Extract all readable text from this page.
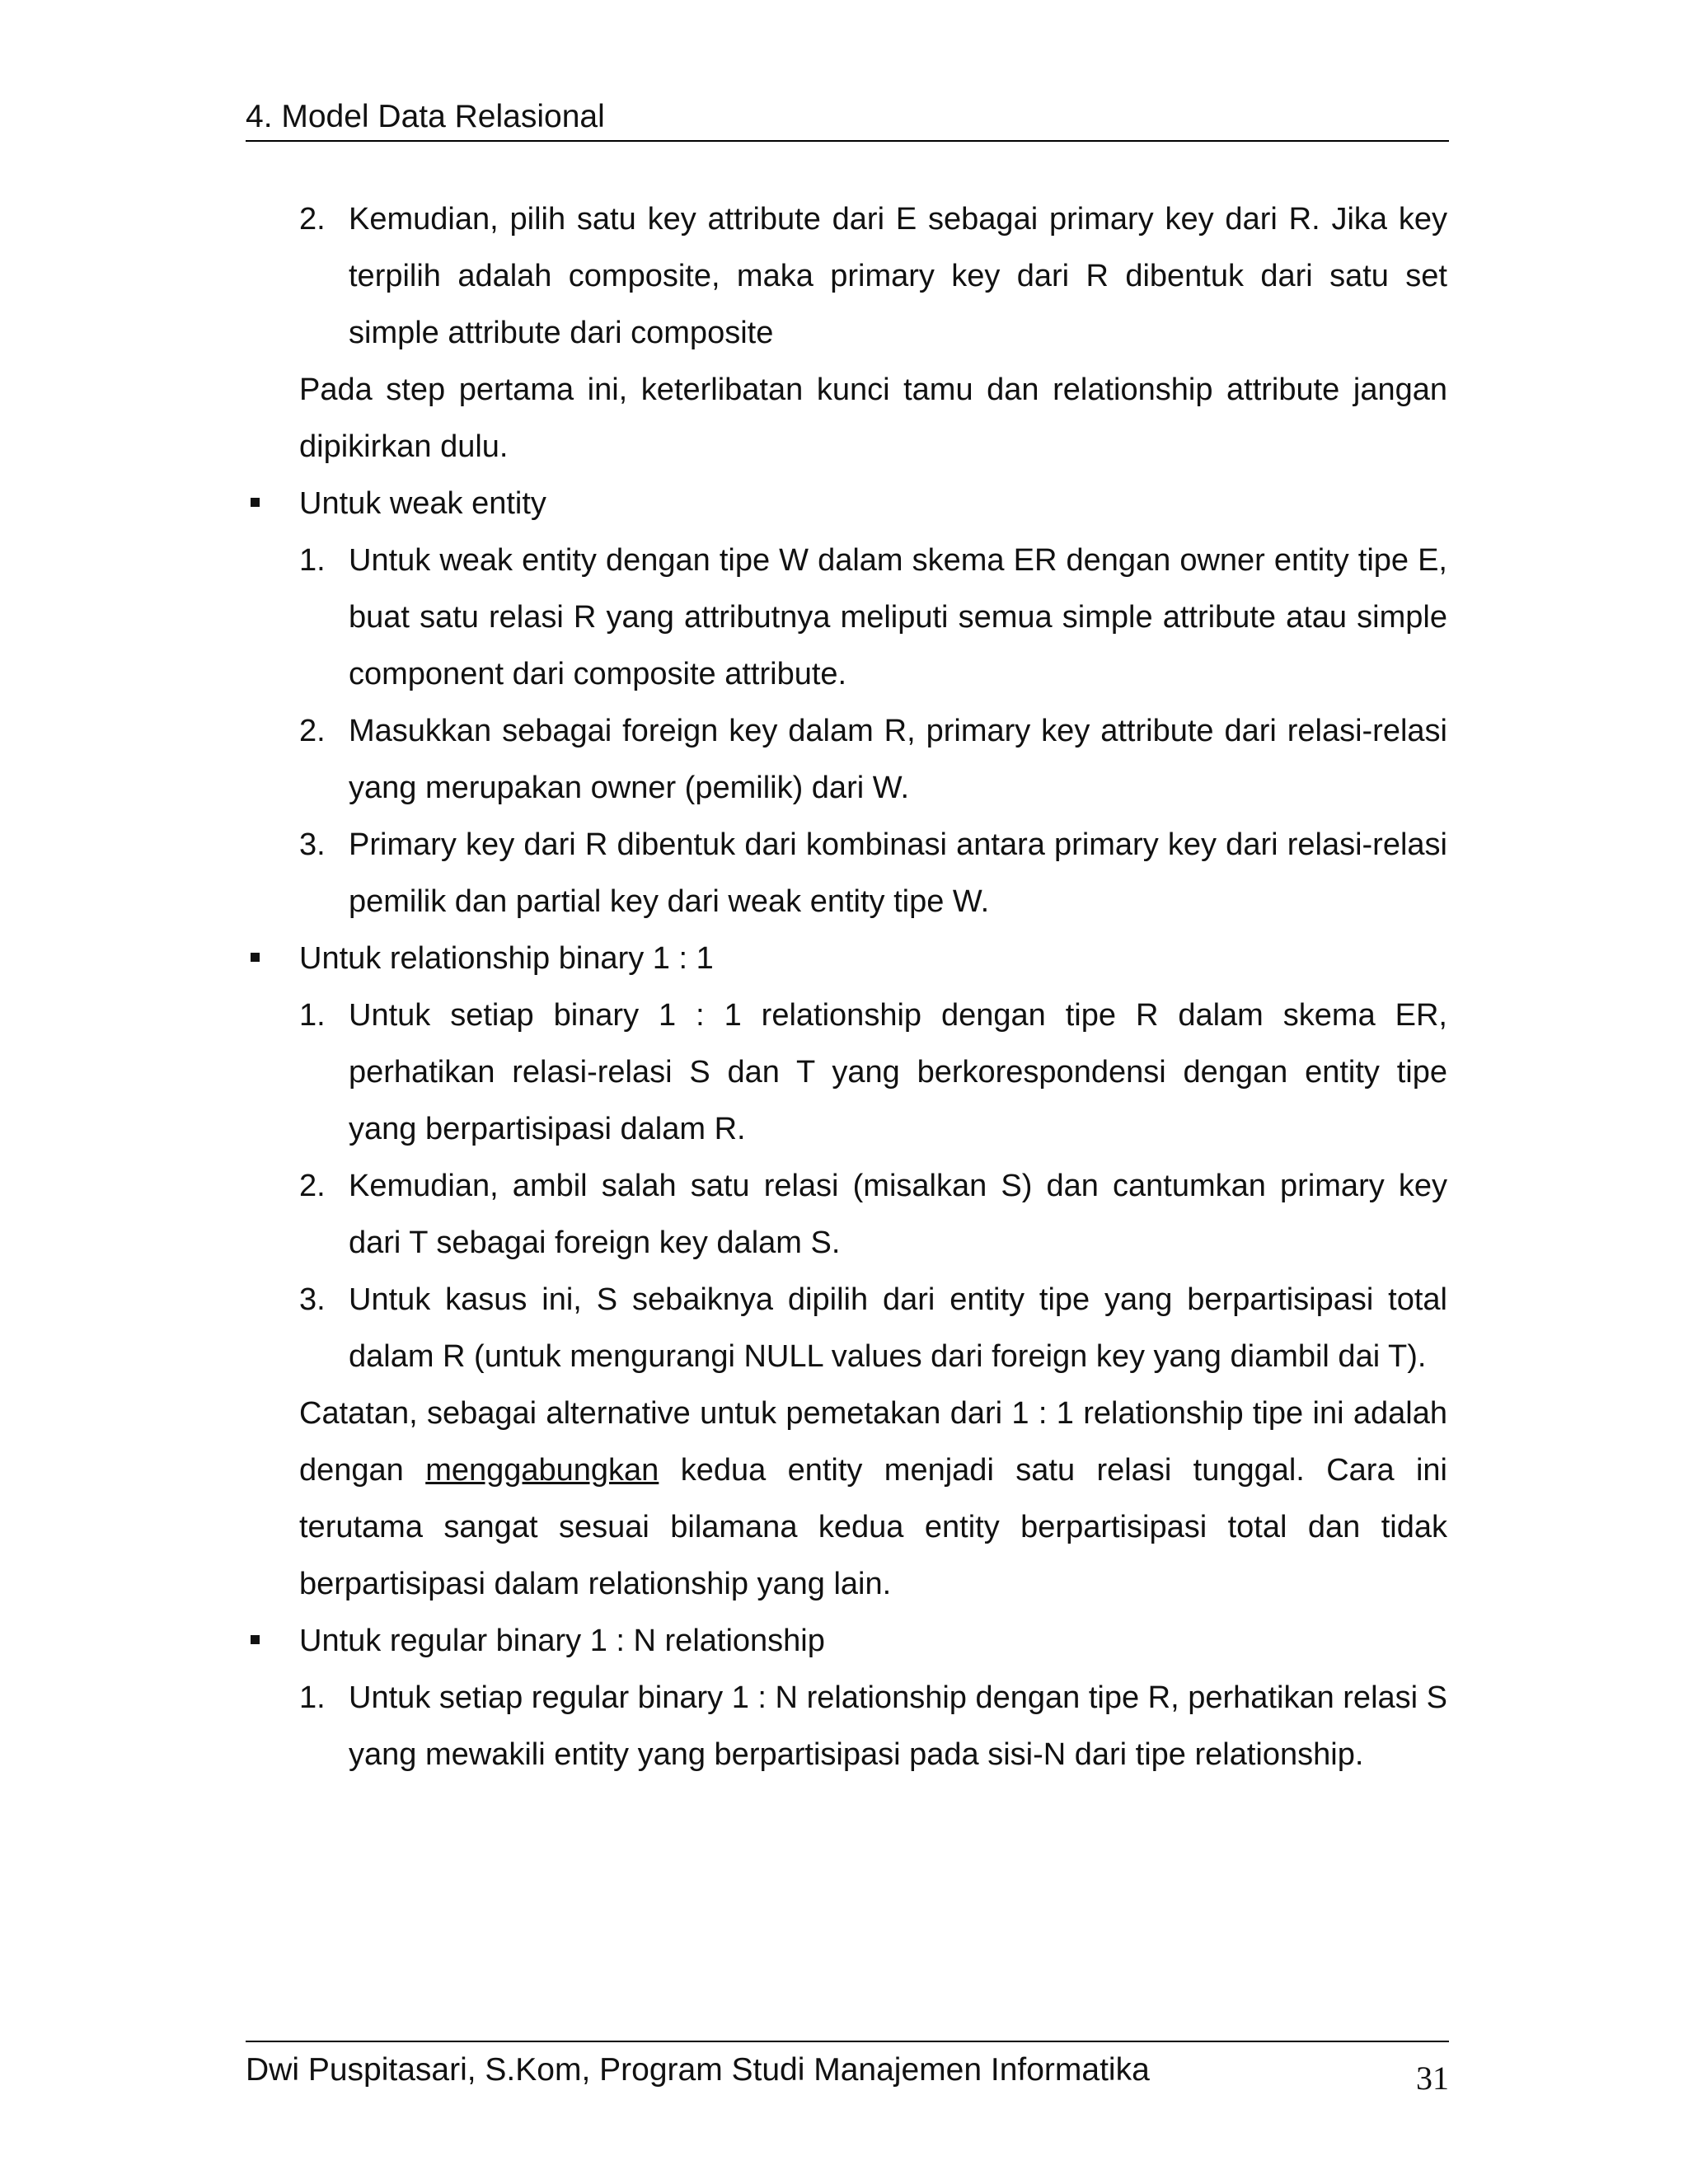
4. Model Data Relasional

2. Kemudian, pilih satu key attribute dari E sebagai primary key dari R. Jika key terpilih adalah composite, maka primary key dari R dibentuk dari satu set simple attribute dari composite

Pada step pertama ini, keterlibatan kunci tamu dan relationship attribute jangan dipikirkan dulu.

Untuk weak entity

1. Untuk weak entity dengan tipe W dalam skema ER dengan owner entity tipe E, buat satu relasi R yang attributnya meliputi semua simple attribute atau simple component dari composite attribute.

2. Masukkan sebagai foreign key dalam R, primary key attribute dari relasi-relasi yang merupakan owner (pemilik) dari W.

3. Primary key dari R dibentuk dari kombinasi antara primary key dari relasi-relasi pemilik dan partial key dari weak entity tipe W.

Untuk relationship binary 1 : 1

1. Untuk setiap binary 1 : 1 relationship dengan tipe R dalam skema ER, perhatikan relasi-relasi S dan T yang berkorespondensi dengan entity tipe yang berpartisipasi dalam R.

2. Kemudian, ambil salah satu relasi (misalkan S) dan cantumkan primary key dari T sebagai foreign key dalam S.

3. Untuk kasus ini, S sebaiknya dipilih dari entity tipe yang berpartisipasi total dalam R (untuk mengurangi NULL values dari foreign key yang diambil dai T).

Catatan, sebagai alternative untuk pemetakan dari 1 : 1 relationship tipe ini adalah dengan menggabungkan kedua entity menjadi satu relasi tunggal. Cara ini terutama sangat sesuai bilamana kedua entity berpartisipasi total dan tidak berpartisipasi dalam relationship yang lain.

Untuk regular binary 1 : N relationship

1. Untuk setiap regular binary 1 : N relationship dengan tipe R, perhatikan relasi S yang mewakili entity yang berpartisipasi pada sisi-N dari tipe relationship.

Dwi Puspitasari, S.Kom, Program Studi Manajemen Informatika	31
